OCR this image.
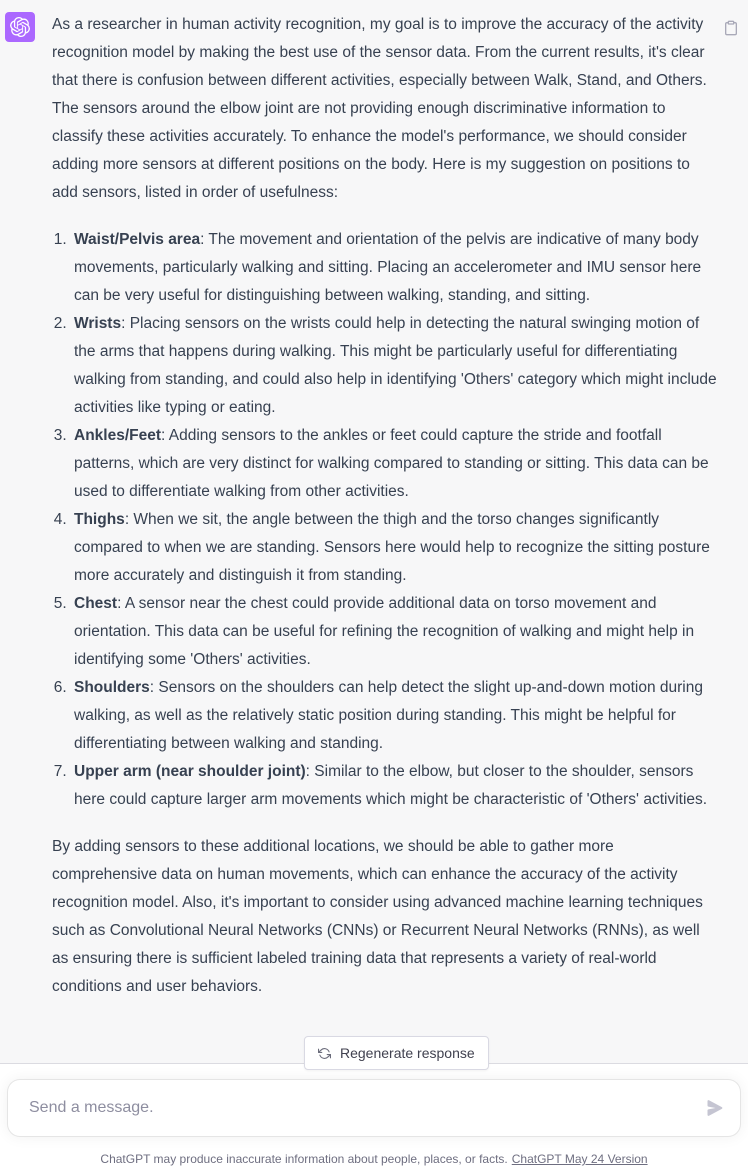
As a researcher in human activity recognition, my goal is to improve the accuracy of the activity recognition model by making the best use of the sensor data. From the current results, it's clear that there is confusion between different activities, especially between Walk, Stand, and Others. The sensors around the elbow joint are not providing enough discriminative information to classify these activities accurately. To enhance the model's performance, we should consider adding more sensors at different positions on the body. Here is my suggestion on positions to add sensors, listed in order of usefulness:

1. Waist/Pelvis area: The movement and orientation of the pelvis are indicative of many body movements, particularly walking and sitting. Placing an accelerometer and IMU sensor here can be very useful for distinguishing between walking, standing, and sitting.
2. Wrists: Placing sensors on the wrists could help in detecting the natural swinging motion of the arms that happens during walking. This might be particularly useful for differentiating walking from standing, and could also help in identifying 'Others' category which might include activities like typing or eating.
3. Ankles/Feet: Adding sensors to the ankles or feet could capture the stride and footfall patterns, which are very distinct for walking compared to standing or sitting. This data can be used to differentiate walking from other activities.
4. Thighs: When we sit, the angle between the thigh and the torso changes significantly compared to when we are standing. Sensors here would help to recognize the sitting posture more accurately and distinguish it from standing.
5. Chest: A sensor near the chest could provide additional data on torso movement and orientation. This data can be useful for refining the recognition of walking and might help in identifying some 'Others' activities.
6. Shoulders: Sensors on the shoulders can help detect the slight up-and-down motion during walking, as well as the relatively static position during standing. This might be helpful for differentiating between walking and standing.
7. Upper arm (near shoulder joint): Similar to the elbow, but closer to the shoulder, sensors here could capture larger arm movements which might be characteristic of 'Others' activities.

By adding sensors to these additional locations, we should be able to gather more comprehensive data on human movements, which can enhance the accuracy of the activity recognition model. Also, it's important to consider using advanced machine learning techniques such as Convolutional Neural Networks (CNNs) or Recurrent Neural Networks (RNNs), as well as ensuring there is sufficient labeled training data that represents a variety of real-world conditions and user behaviors.

Regenerate response
Send a message.
ChatGPT may produce inaccurate information about people, places, or facts. ChatGPT May 24 Version
